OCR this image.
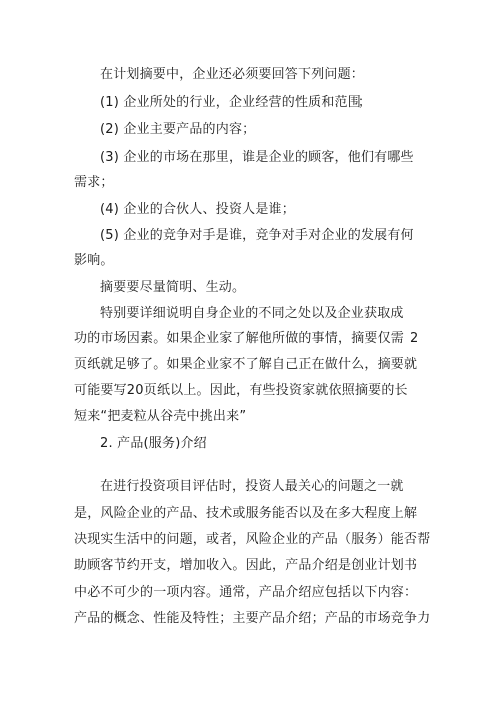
在计划摘要中，企业还必须要回答下列问题：
(1) 企业所处的行业，企业经营的性质和范围
；
(2) 企业主要产品的内容；
(3) 企业的市场在那里，谁是企业的顾客，他们有哪些
需求；
(4) 企业的合伙人、投资人是谁；
(5) 企业的竞争对手是谁，竞争对手对企业的发展有何
影响。
摘要要尽量简明、生动。
特别要详细说明自身企业的不同之处以及企业获取成
功的市场因素。如果企业家了解他所做的事情，摘要仅需 2
页纸就足够了。如果企业家不了解自己正在做什么，摘要就
可能要写20页纸以上。因此，有些投资家就依照摘要的长
短来“把麦粒从谷壳中挑出来”
2. 产品(服务)介绍
在进行投资项目评估时，投资人最关心的问题之一就
是，风险企业的产品、技术或服务能否以及在多大程度上解
决现实生活中的问题，或者，风险企业的产品 （服务）能否帮
助顾客节约开支，增加收入。因此，产品介绍是创业计划书
中必不可少的一项内容。通常，产品介绍应包括以下内容：
产品的概念、性能及特性；主要产品介绍；产品的市场竞争力
